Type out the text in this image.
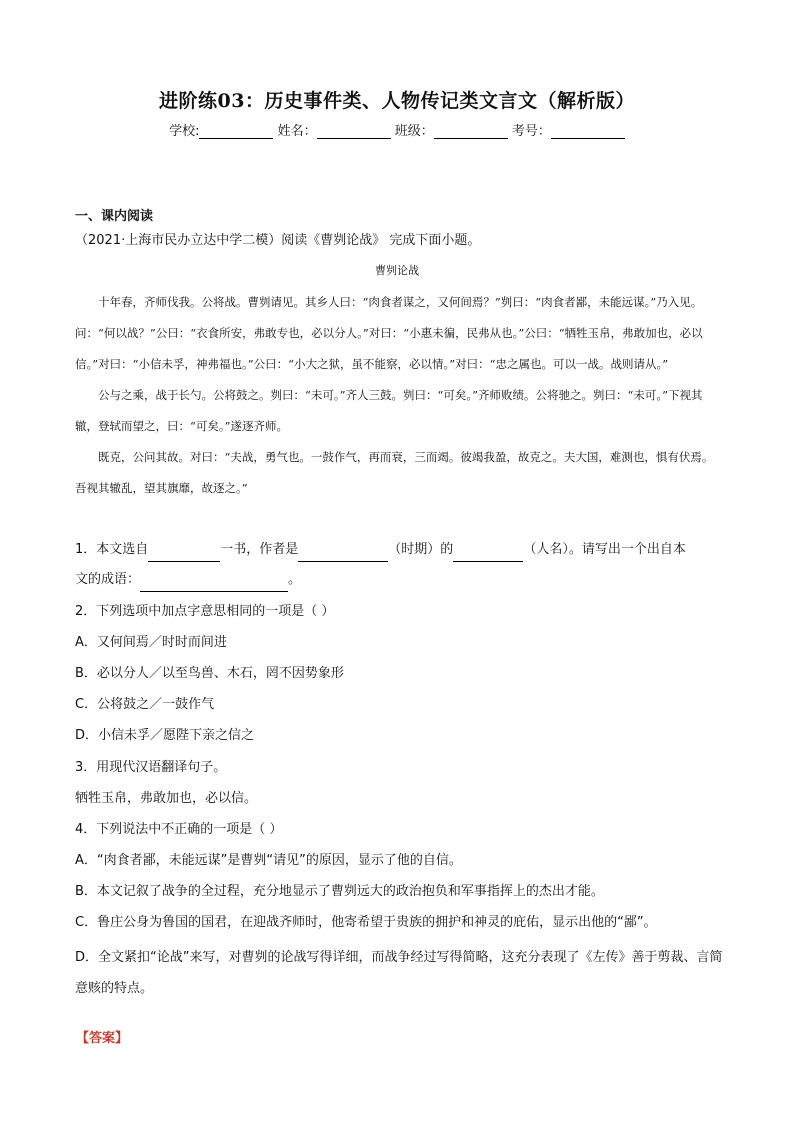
进阶练03：历史事件类、人物传记类文言文（解析版）
学校:	姓名：	班级：	考号：
一、课内阅读
（2021·上海市民办立达中学二模）阅读《曹刿论战》 完成下面小题。
曹刿论战

十年春，齐师伐我。公将战。曹刿请见。其乡人曰：“肉食者谋之，又何间焉？”刿曰：“肉食者鄙，未能远谋。”乃入见。问：“何以战？”公曰：“衣食所安，弗敢专也，必以分人。”对曰：“小惠未徧，民弗从也。”公曰：“牺牲玉帛，弗敢加也，必以信。”对曰：“小信未孚，神弗福也。”公曰：“小大之狱，虽不能察，必以情。”对曰：“忠之属也。可以一战。战则请从。”

公与之乘，战于长勺。公将鼓之。刿曰：“未可。”齐人三鼓。刿曰：“可矣。”齐师败绩。公将驰之。刿曰：“未可。”下视其辙，登轼而望之，曰：“可矣。”遂逐齐师。

既克，公问其故。对曰：“夫战，勇气也。一鼓作气，再而衰，三而竭。彼竭我盈，故克之。夫大国，难测也，惧有伏焉。吾视其辙乱，望其旗靡，故逐之。”

1．本文选自	一书，作者是	（时期）的	（人名）。请写出一个出自本
文的成语：	。
2．下列选项中加点字意思相同的一项是（ ）
A．又何间焉／时时而间进
B．必以分人／以至鸟兽、木石，罔不因势象形
C．公将鼓之／一鼓作气
D．小信未孚／愿陛下亲之信之
3．用现代汉语翻译句子。
牺牲玉帛，弗敢加也，必以信。
4．下列说法中不正确的一项是（ ）
A．“肉食者鄙，未能远谋”是曹刿“请见”的原因，显示了他的自信。
B．本文记叙了战争的全过程，充分地显示了曹刿远大的政治抱负和军事指挥上的杰出才能。
C．鲁庄公身为鲁国的国君，在迎战齐师时，他寄希望于贵族的拥护和神灵的庇佑，显示出他的“鄙”。
D．全文紧扣“论战”来写，对曹刿的论战写得详细，而战争经过写得简略，这充分表现了《左传》善于剪裁、言简意赅的特点。
【答案】
